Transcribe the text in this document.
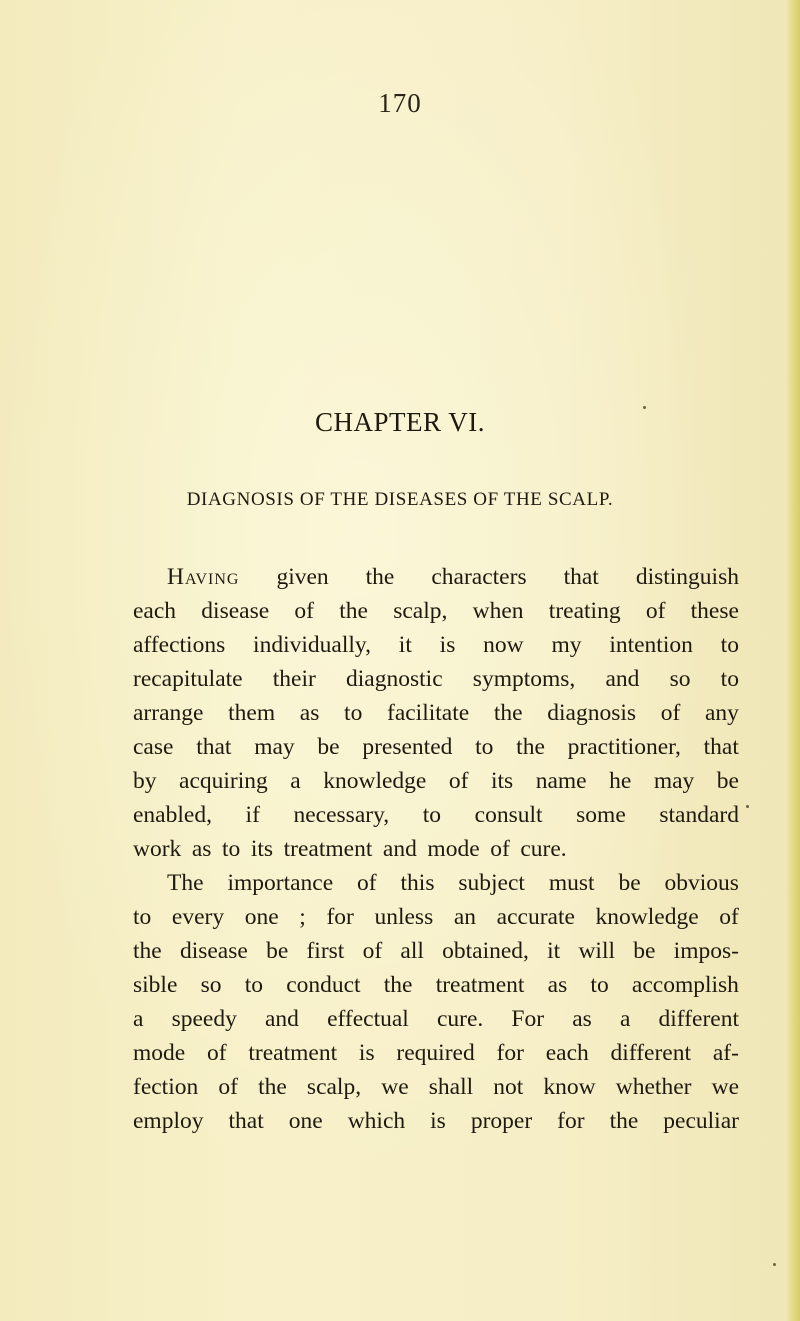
170
CHAPTER VI.
DIAGNOSIS OF THE DISEASES OF THE SCALP.
Having given the characters that distinguish
each disease of the scalp, when treating of these
affections individually, it is now my intention to
recapitulate their diagnostic symptoms, and so to
arrange them as to facilitate the diagnosis of any
case that may be presented to the practitioner, that
by acquiring a knowledge of its name he may be
enabled, if necessary, to consult some standard
work as to its treatment and mode of cure.
The importance of this subject must be obvious
to every one ; for unless an accurate knowledge of
the disease be first of all obtained, it will be impos-
sible so to conduct the treatment as to accomplish
a speedy and effectual cure. For as a different
mode of treatment is required for each different af-
fection of the scalp, we shall not know whether we
employ that one which is proper for the peculiar
